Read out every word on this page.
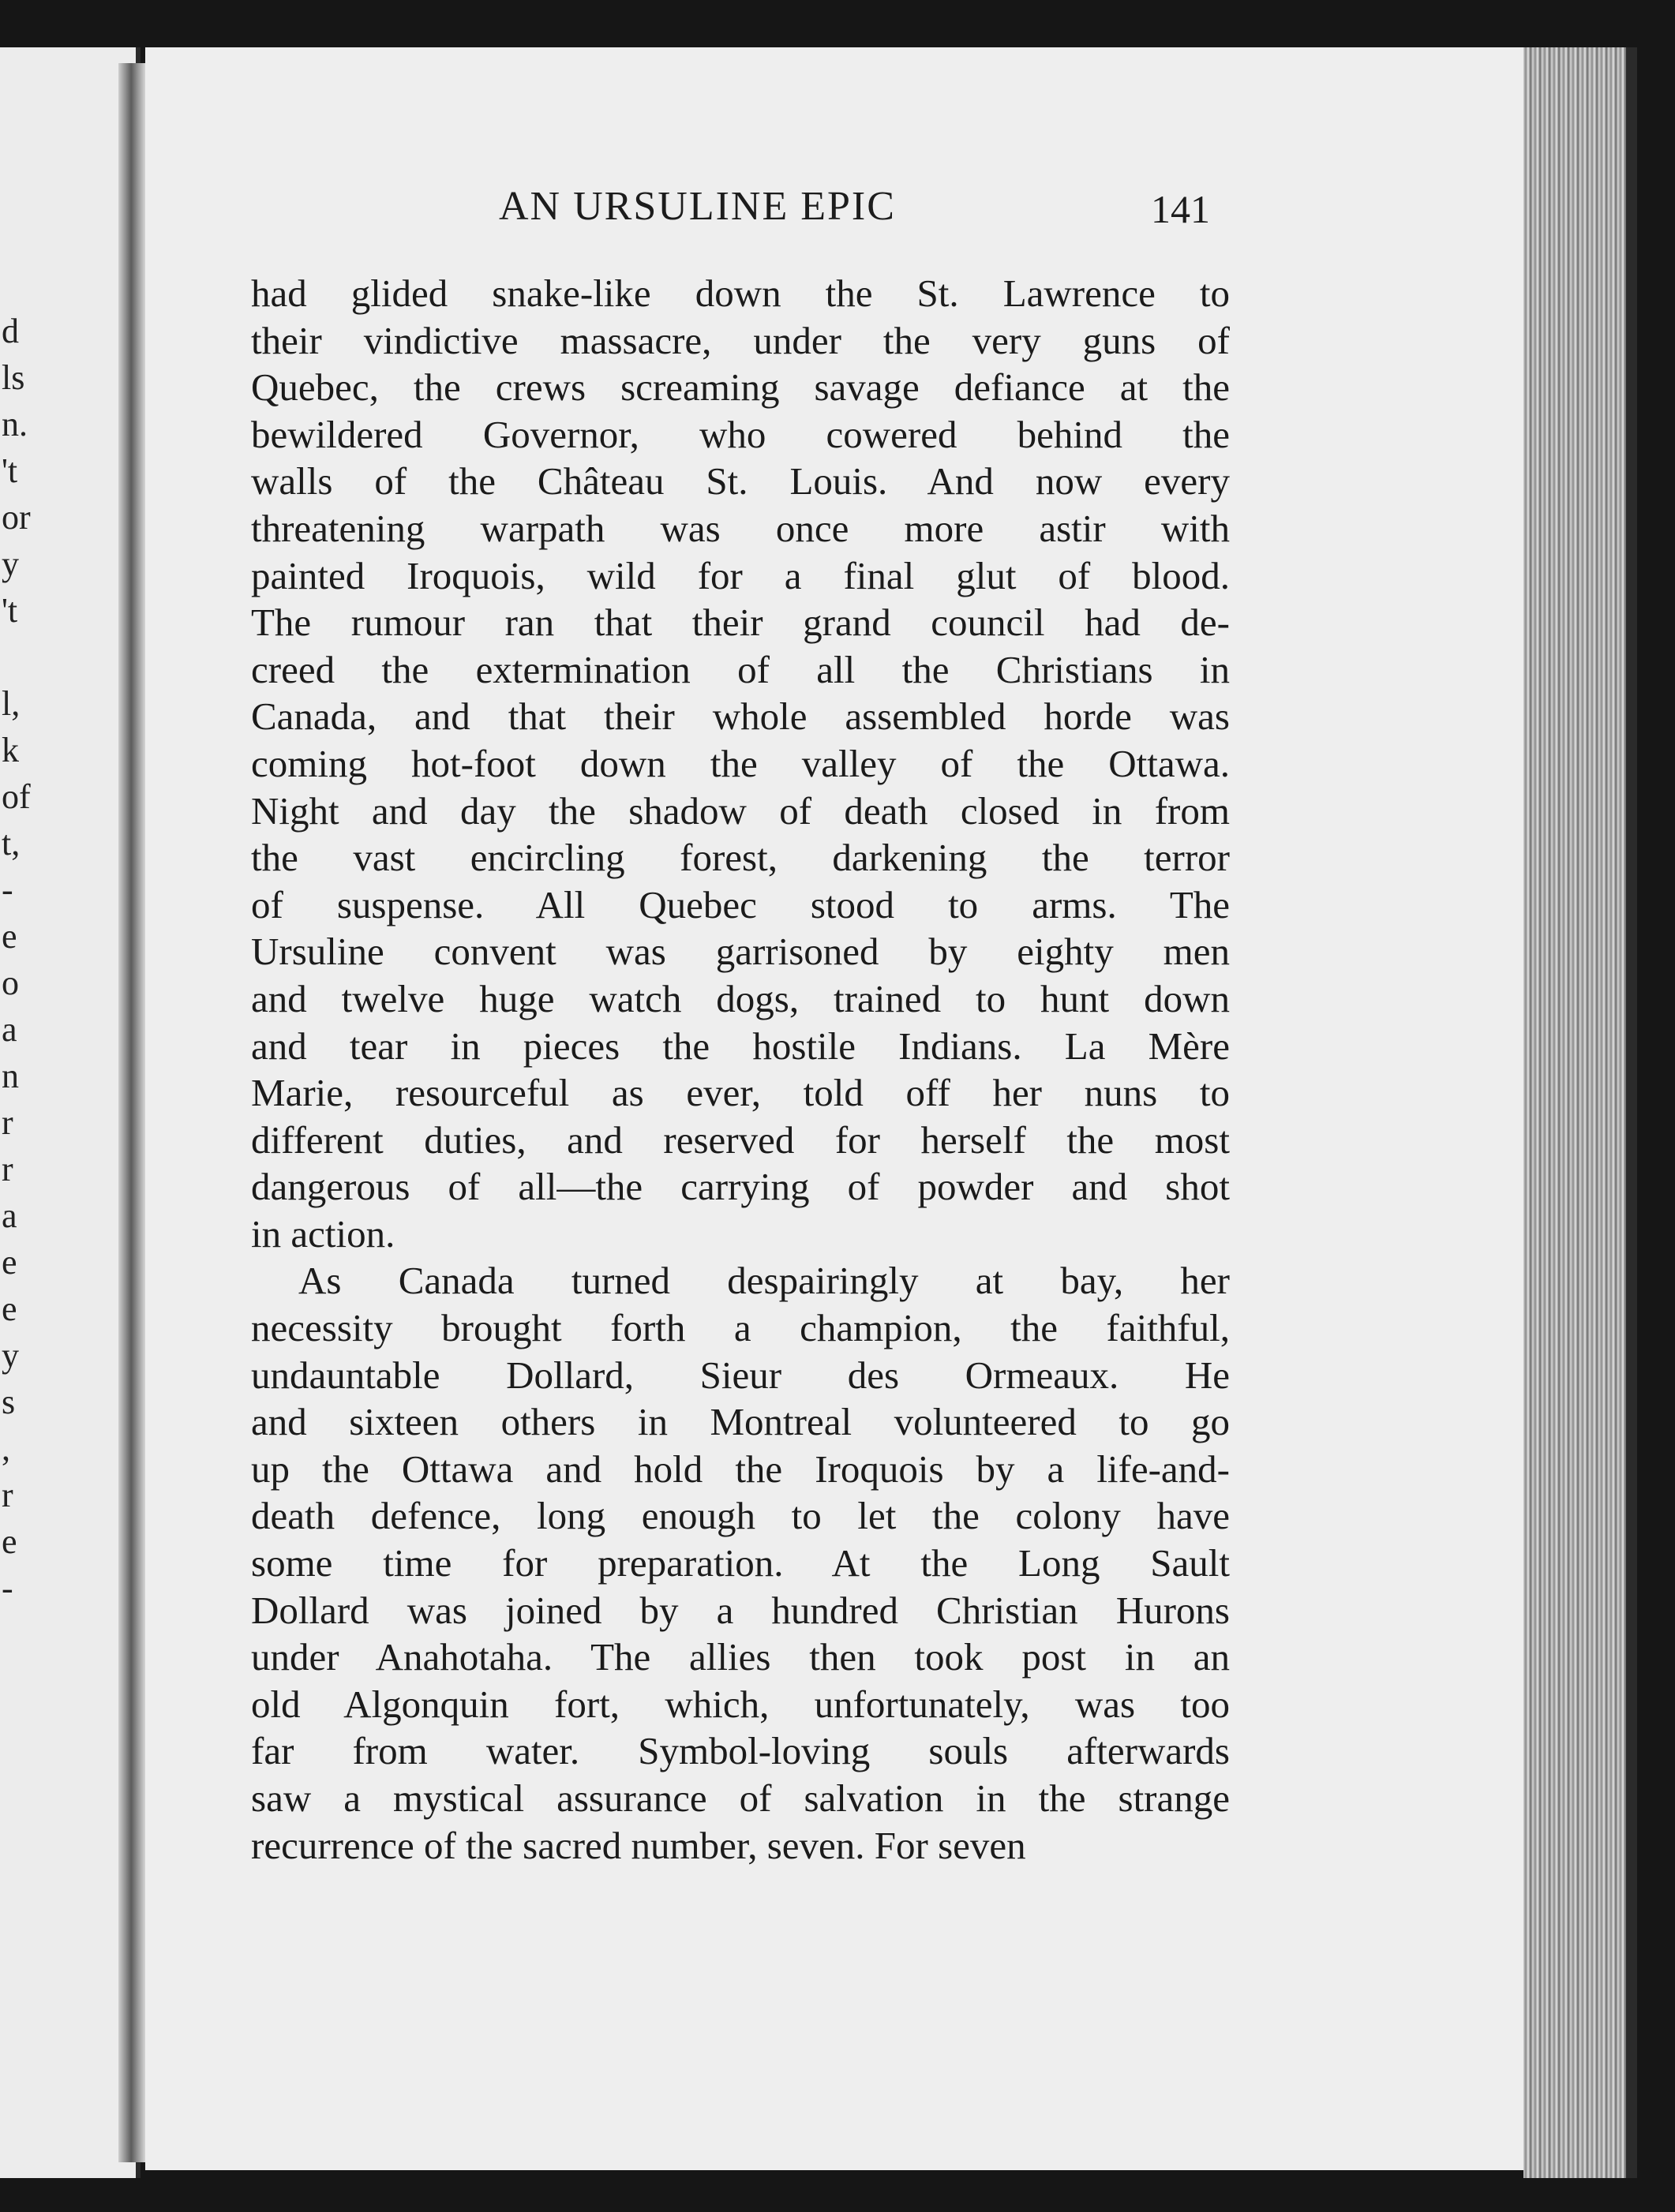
d
ls
n.
't
or
y
't
l,
k
of
t,
-
e
o
a
n
r
r
a
e
e
y
s
,
r
e
-
AN URSULINE EPIC	141
had glided snake-like down the St. Lawrence to
their vindictive massacre, under the very guns of
Quebec, the crews screaming savage defiance at the
bewildered Governor, who cowered behind the
walls of the Château St. Louis. And now every
threatening warpath was once more astir with
painted Iroquois, wild for a final glut of blood.
The rumour ran that their grand council had de-
creed the extermination of all the Christians in
Canada, and that their whole assembled horde was
coming hot-foot down the valley of the Ottawa.
Night and day the shadow of death closed in from
the vast encircling forest, darkening the terror
of suspense. All Quebec stood to arms. The
Ursuline convent was garrisoned by eighty men
and twelve huge watch dogs, trained to hunt down
and tear in pieces the hostile Indians. La Mère
Marie, resourceful as ever, told off her nuns to
different duties, and reserved for herself the most
dangerous of all—the carrying of powder and shot
in action.
As Canada turned despairingly at bay, her
necessity brought forth a champion, the faithful,
undauntable Dollard, Sieur des Ormeaux. He
and sixteen others in Montreal volunteered to go
up the Ottawa and hold the Iroquois by a life-and-
death defence, long enough to let the colony have
some time for preparation. At the Long Sault
Dollard was joined by a hundred Christian Hurons
under Anahotaha. The allies then took post in an
old Algonquin fort, which, unfortunately, was too
far from water. Symbol-loving souls afterwards
saw a mystical assurance of salvation in the strange
recurrence of the sacred number, seven. For seven
